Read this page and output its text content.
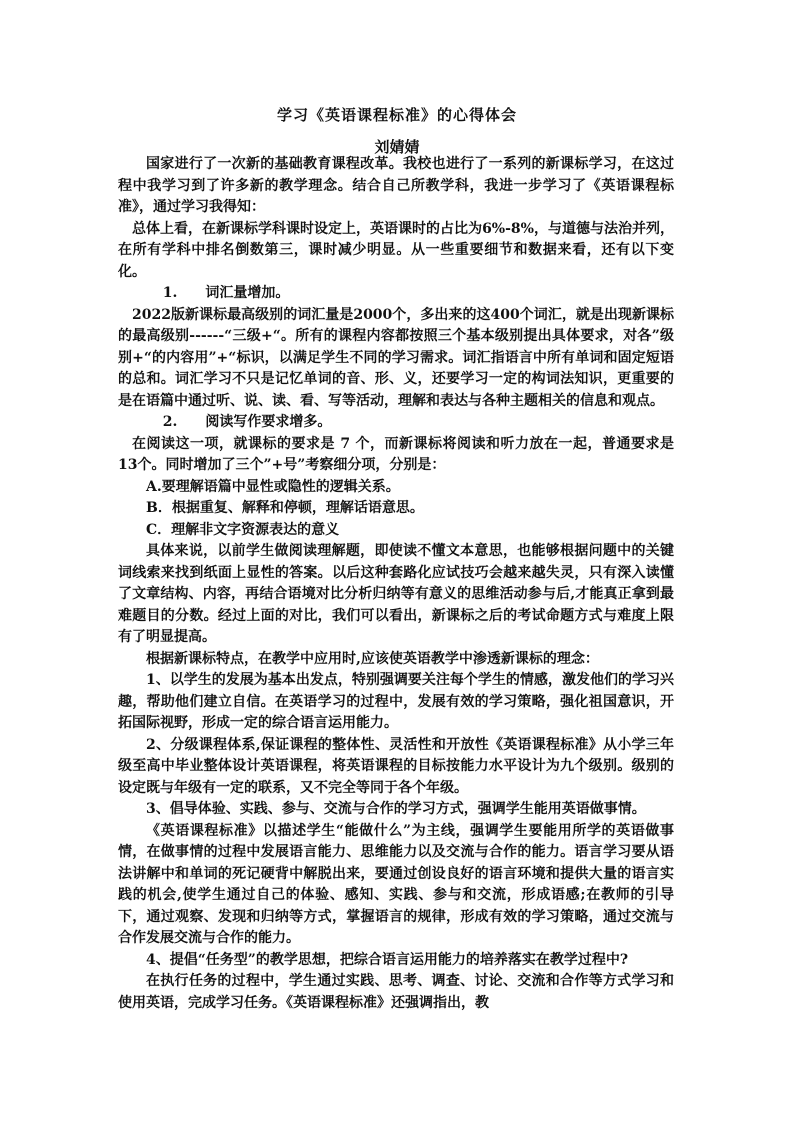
学习《英语课程标准》的心得体会
刘婧婧

国家进行了一次新的基础教育课程改革。我校也进行了一系列的新课标学习，在这过程中我学习到了许多新的教学理念。结合自己所教学科，我进一步学习了《英语课程标准》，通过学习我得知：

总体上看，在新课标学科课时设定上，英语课时的占比为6%-8%，与道德与法治并列，在所有学科中排名倒数第三，课时减少明显。从一些重要细节和数据来看，还有以下变化。

1.　　词汇量增加。

2022版新课标最高级别的词汇量是2000个，多出来的这400个词汇，就是出现新课标的最高级别------“三级+“。所有的课程内容都按照三个基本级别提出具体要求，对各”级别+“的内容用”+“标识，以满足学生不同的学习需求。词汇指语言中所有单词和固定短语的总和。词汇学习不只是记忆单词的音、形、义，还要学习一定的构词法知识，更重要的是在语篇中通过听、说、读、看、写等活动，理解和表达与各种主题相关的信息和观点。

2.　　阅读写作要求增多。

在阅读这一项，就课标的要求是 7 个，而新课标将阅读和听力放在一起，普通要求是13个。同时增加了三个”+号”考察细分项，分别是：

A.要理解语篇中显性或隐性的逻辑关系。

B．根据重复、解释和停顿，理解话语意思。

C．理解非文字资源表达的意义

具体来说，以前学生做阅读理解题，即使读不懂文本意思，也能够根据问题中的关键词线索来找到纸面上显性的答案。以后这种套路化应试技巧会越来越失灵，只有深入读懂了文章结构、内容，再结合语境对比分析归纳等有意义的思维活动参与后,才能真正拿到最难题目的分数。经过上面的对比，我们可以看出，新课标之后的考试命题方式与难度上限有了明显提高。

根据新课标特点，在教学中应用时,应该使英语教学中渗透新课标的理念：

1、以学生的发展为基本出发点，特别强调要关注每个学生的情感，激发他们的学习兴趣，帮助他们建立自信。在英语学习的过程中，发展有效的学习策略，强化祖国意识，开拓国际视野，形成一定的综合语言运用能力。

2、分级课程体系,保证课程的整体性、灵活性和开放性《英语课程标准》从小学三年级至高中毕业整体设计英语课程，将英语课程的目标按能力水平设计为九个级别。级别的设定既与年级有一定的联系，又不完全等同于各个年级。

3、倡导体验、实践、参与、交流与合作的学习方式，强调学生能用英语做事情。

《英语课程标准》以描述学生“能做什么”为主线，强调学生要能用所学的英语做事情，在做事情的过程中发展语言能力、思维能力以及交流与合作的能力。语言学习要从语法讲解中和单词的死记硬背中解脱出来，要通过创设良好的语言环境和提供大量的语言实践的机会,使学生通过自己的体验、感知、实践、参与和交流，形成语感;在教师的引导下，通过观察、发现和归纳等方式，掌握语言的规律，形成有效的学习策略，通过交流与合作发展交流与合作的能力。

4、提倡“任务型”的教学思想，把综合语言运用能力的培养落实在教学过程中?

在执行任务的过程中，学生通过实践、思考、调查、讨论、交流和合作等方式学习和使用英语，完成学习任务。《英语课程标准》还强调指出，教
